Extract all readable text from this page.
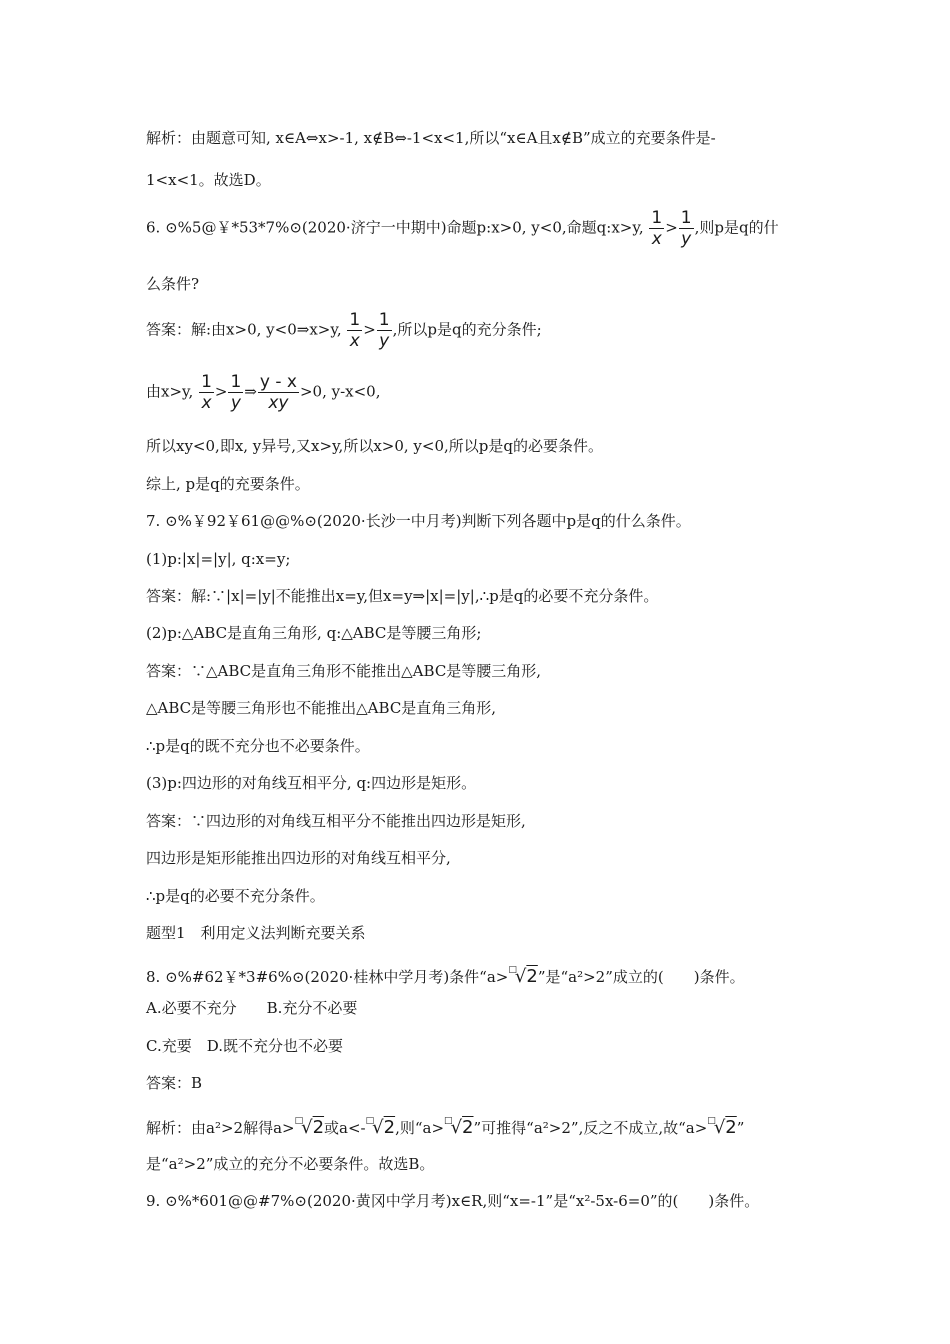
解析：由题意可知, x∈A⇔x>-1, x∉B⇔-1<x<1,所以“x∈A且x∉B”成立的充要条件是-
1<x<1。故选D。
6. ⊙%5@￥*53*7%⊙(2020·济宁一中期中)命题p:x>0, y<0,命题q:x>y, $\frac{1}{x} > \frac{1}{y}$ ,则p是q的什
么条件?
答案：解:由x>0, y<0⇒x>y, $\frac{1}{x} > \frac{1}{y}$ ,所以p是q的充分条件;
由x>y, $\frac{1}{x} > \frac{1}{y}$ ⇒ $\frac{y - x}{xy} >0$, y-x<0,
所以xy<0,即x, y异号,又x>y,所以x>0, y<0,所以p是q的必要条件。
综上, p是q的充要条件。
7. ⊙%￥92￥61@@%⊙(2020·长沙一中月考)判断下列各题中p是q的什么条件。
(1)p:|x|=|y|, q:x=y;
答案：解:∵|x|=|y|不能推出x=y,但x=y⇒|x|=|y|,∴p是q的必要不充分条件。
(2)p:△ABC是直角三角形, q:△ABC是等腰三角形;
答案：∵△ABC是直角三角形不能推出△ABC是等腰三角形,
△ABC是等腰三角形也不能推出△ABC是直角三角形,
∴p是q的既不充分也不必要条件。
(3)p:四边形的对角线互相平分, q:四边形是矩形。
答案：∵四边形的对角线互相平分不能推出四边形是矩形,
四边形是矩形能推出四边形的对角线互相平分,
∴p是q的必要不充分条件。
题型1　利用定义法判断充要关系
8. ⊙%#62￥*3#6%⊙(2020·桂林中学月考)条件“a>□√2”是“a²>2”成立的(　　)条件。
A.必要不充分　　B.充分不必要
C.充要　D.既不充分也不必要
答案：B
解析：由a²>2解得a>□√2或a<-□√2,则“a>□√2”可推得“a²>2”,反之不成立,故“a>□√2”
是“a²>2”成立的充分不必要条件。故选B。
9. ⊙%*601@@#7%⊙(2020·黄冈中学月考)x∈R,则“x=-1”是“x²-5x-6=0”的(　　)条件。
